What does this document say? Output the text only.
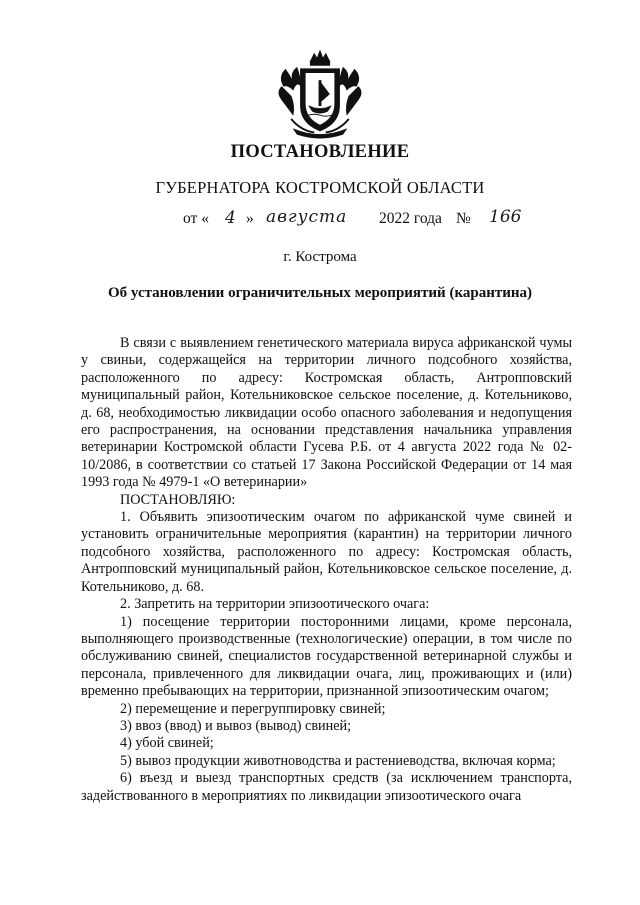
ПОСТАНОВЛЕНИЕ
ГУБЕРНАТОРА КОСТРОМСКОЙ ОБЛАСТИ
от « 4 » августа 2022 года № 166
г. Кострома
Об установлении ограничительных мероприятий (карантина)

В связи с выявлением генетического материала вируса африканской чумы у свиньи, содержащейся на территории личного подсобного хозяйства, расположенного по адресу: Костромская область, Антропповский муниципальный район, Котельниковское сельское поселение, д. Котельниково, д. 68, необходимостью ликвидации особо опасного заболевания и недопущения его распространения, на основании представления начальника управления ветеринарии Костромской области Гусева Р.Б. от 4 августа 2022 года № 02-10/2086, в соответствии со статьей 17 Закона Российской Федерации от 14 мая 1993 года № 4979-1 «О ветеринарии»

ПОСТАНОВЛЯЮ:

1. Объявить эпизоотическим очагом по африканской чуме свиней и установить ограничительные мероприятия (карантин) на территории личного подсобного хозяйства, расположенного по адресу: Костромская область, Антропповский муниципальный район, Котельниковское сельское поселение, д. Котельниково, д. 68.

2. Запретить на территории эпизоотического очага:

1) посещение территории посторонними лицами, кроме персонала, выполняющего производственные (технологические) операции, в том числе по обслуживанию свиней, специалистов государственной ветеринарной службы и персонала, привлеченного для ликвидации очага, лиц, проживающих и (или) временно пребывающих на территории, признанной эпизоотическим очагом;

2) перемещение и перегруппировку свиней;

3) ввоз (ввод) и вывоз (вывод) свиней;

4) убой свиней;

5) вывоз продукции животноводства и растениеводства, включая корма;

6) въезд и выезд транспортных средств (за исключением транспорта, задействованного в мероприятиях по ликвидации эпизоотического очага
